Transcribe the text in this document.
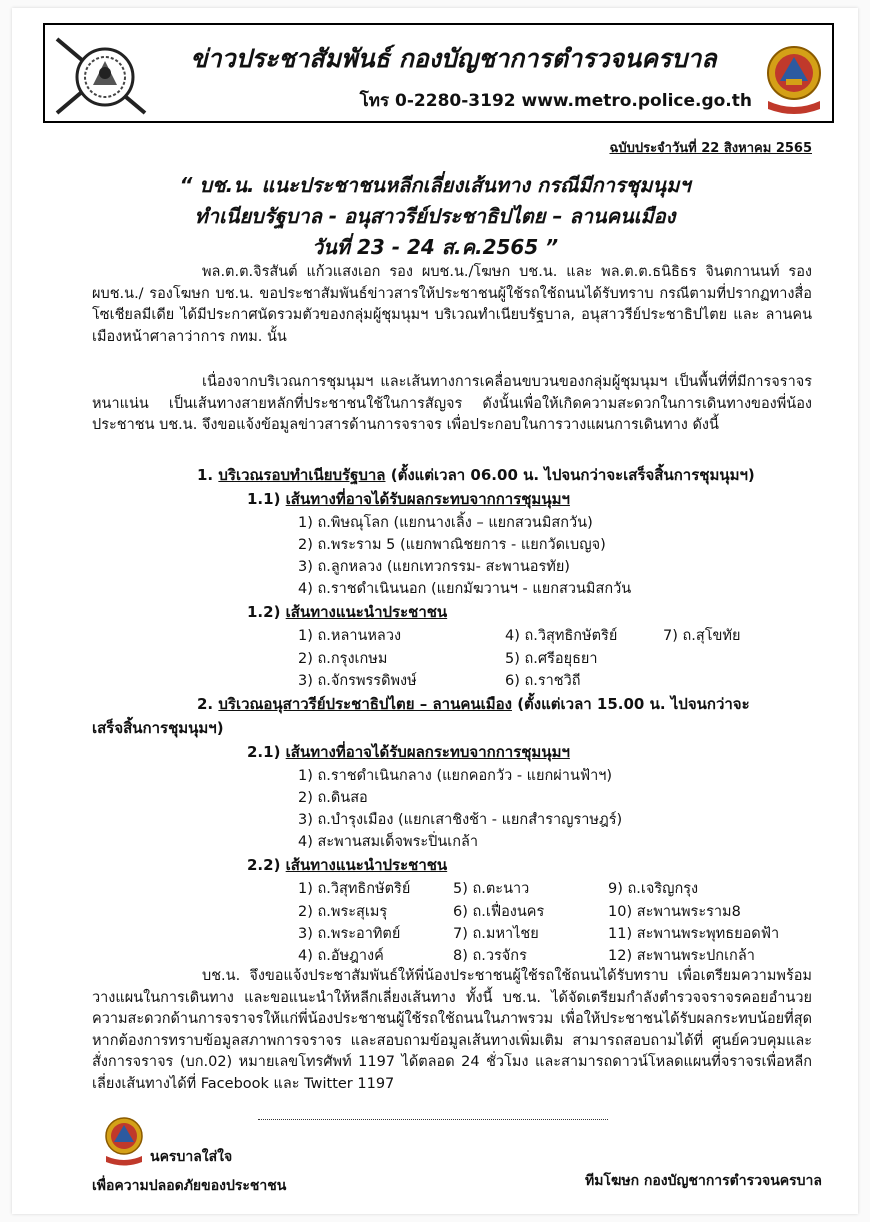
ข่าวประชาสัมพันธ์ กองบัญชาการตำรวจนครบาล
โทร 0-2280-3192 www.metro.police.go.th
ฉบับประจำวันที่ 22 สิงหาคม 2565
“ บช.น. แนะประชาชนหลีกเลี่ยงเส้นทาง กรณีมีการชุมนุมฯ
ทำเนียบรัฐบาล - อนุสาวรีย์ประชาธิปไตย – ลานคนเมือง
วันที่ 23 - 24 ส.ค.2565 ”
พล.ต.ต.จิรสันต์ แก้วแสงเอก รอง ผบช.น./โฆษก บช.น. และ พล.ต.ต.ธนิธิธร จินตกานนท์ รอง ผบช.น./ รองโฆษก บช.น. ขอประชาสัมพันธ์ข่าวสารให้ประชาชนผู้ใช้รถใช้ถนนได้รับทราบ กรณีตามที่ปรากฏทางสื่อโซเชียลมีเดีย ได้มีประกาศนัดรวมตัวของกลุ่มผู้ชุมนุมฯ บริเวณทำเนียบรัฐบาล, อนุสาวรีย์ประชาธิปไตย และ ลานคนเมืองหน้าศาลาว่าการ กทม. นั้น
เนื่องจากบริเวณการชุมนุมฯ และเส้นทางการเคลื่อนขบวนของกลุ่มผู้ชุมนุมฯ เป็นพื้นที่ที่มีการจราจรหนาแน่น เป็นเส้นทางสายหลักที่ประชาชนใช้ในการสัญจร ดังนั้นเพื่อให้เกิดความสะดวกในการเดินทางของพี่น้องประชาชน บช.น. จึงขอแจ้งข้อมูลข่าวสารด้านการจราจร เพื่อประกอบในการวางแผนการเดินทาง ดังนี้
1. บริเวณรอบทำเนียบรัฐบาล (ตั้งแต่เวลา 06.00 น. ไปจนกว่าจะเสร็จสิ้นการชุมนุมฯ)
1.1) เส้นทางที่อาจได้รับผลกระทบจากการชุมนุมฯ
1) ถ.พิษณุโลก (แยกนางเลิ้ง – แยกสวนมิสกวัน)
2) ถ.พระราม 5 (แยกพาณิชยการ - แยกวัดเบญจ)
3) ถ.ลูกหลวง (แยกเทวกรรม- สะพานอรทัย)
4) ถ.ราชดำเนินนอก (แยกมัฆวานฯ - แยกสวนมิสกวัน
1.2) เส้นทางแนะนำประชาชน
1) ถ.หลานหลวง
2) ถ.กรุงเกษม
3) ถ.จักรพรรดิพงษ์
4) ถ.วิสุทธิกษัตริย์
5) ถ.ศรีอยุธยา
6) ถ.ราชวิถี
7) ถ.สุโขทัย
2. บริเวณอนุสาวรีย์ประชาธิปไตย – ลานคนเมือง (ตั้งแต่เวลา 15.00 น. ไปจนกว่าจะ
เสร็จสิ้นการชุมนุมฯ)
2.1) เส้นทางที่อาจได้รับผลกระทบจากการชุมนุมฯ
1) ถ.ราชดำเนินกลาง (แยกคอกวัว - แยกผ่านฟ้าฯ)
2) ถ.ดินสอ
3) ถ.บำรุงเมือง (แยกเสาชิงช้า - แยกสำราญราษฎร์)
4) สะพานสมเด็จพระปิ่นเกล้า
2.2) เส้นทางแนะนำประชาชน
1) ถ.วิสุทธิกษัตริย์
2) ถ.พระสุเมรุ
3) ถ.พระอาทิตย์
4) ถ.อัษฎางค์
5) ถ.ตะนาว
6) ถ.เฟื่องนคร
7) ถ.มหาไชย
8) ถ.วรจักร
9) ถ.เจริญกรุง
10) สะพานพระราม8
11) สะพานพระพุทธยอดฟ้า
12) สะพานพระปกเกล้า
บช.น. จึงขอแจ้งประชาสัมพันธ์ให้พี่น้องประชาชนผู้ใช้รถใช้ถนนได้รับทราบ เพื่อเตรียมความพร้อมวางแผนในการเดินทาง และขอแนะนำให้หลีกเลี่ยงเส้นทาง ทั้งนี้ บช.น. ได้จัดเตรียมกำลังตำรวจจราจรคอยอำนวยความสะดวกด้านการจราจรให้แก่พี่น้องประชาชนผู้ใช้รถใช้ถนนในภาพรวม เพื่อให้ประชาชนได้รับผลกระทบน้อยที่สุด หากต้องการทราบข้อมูลสภาพการจราจร และสอบถามข้อมูลเส้นทางเพิ่มเติม สามารถสอบถามได้ที่ ศูนย์ควบคุมและสั่งการจราจร (บก.02) หมายเลขโทรศัพท์ 1197 ได้ตลอด 24 ชั่วโมง และสามารถดาวน์โหลดแผนที่จราจรเพื่อหลีกเลี่ยงเส้นทางได้ที่ Facebook และ Twitter 1197
นครบาลใส่ใจ
เพื่อความปลอดภัยของประชาชน	ทีมโฆษก กองบัญชาการตำรวจนครบาล
